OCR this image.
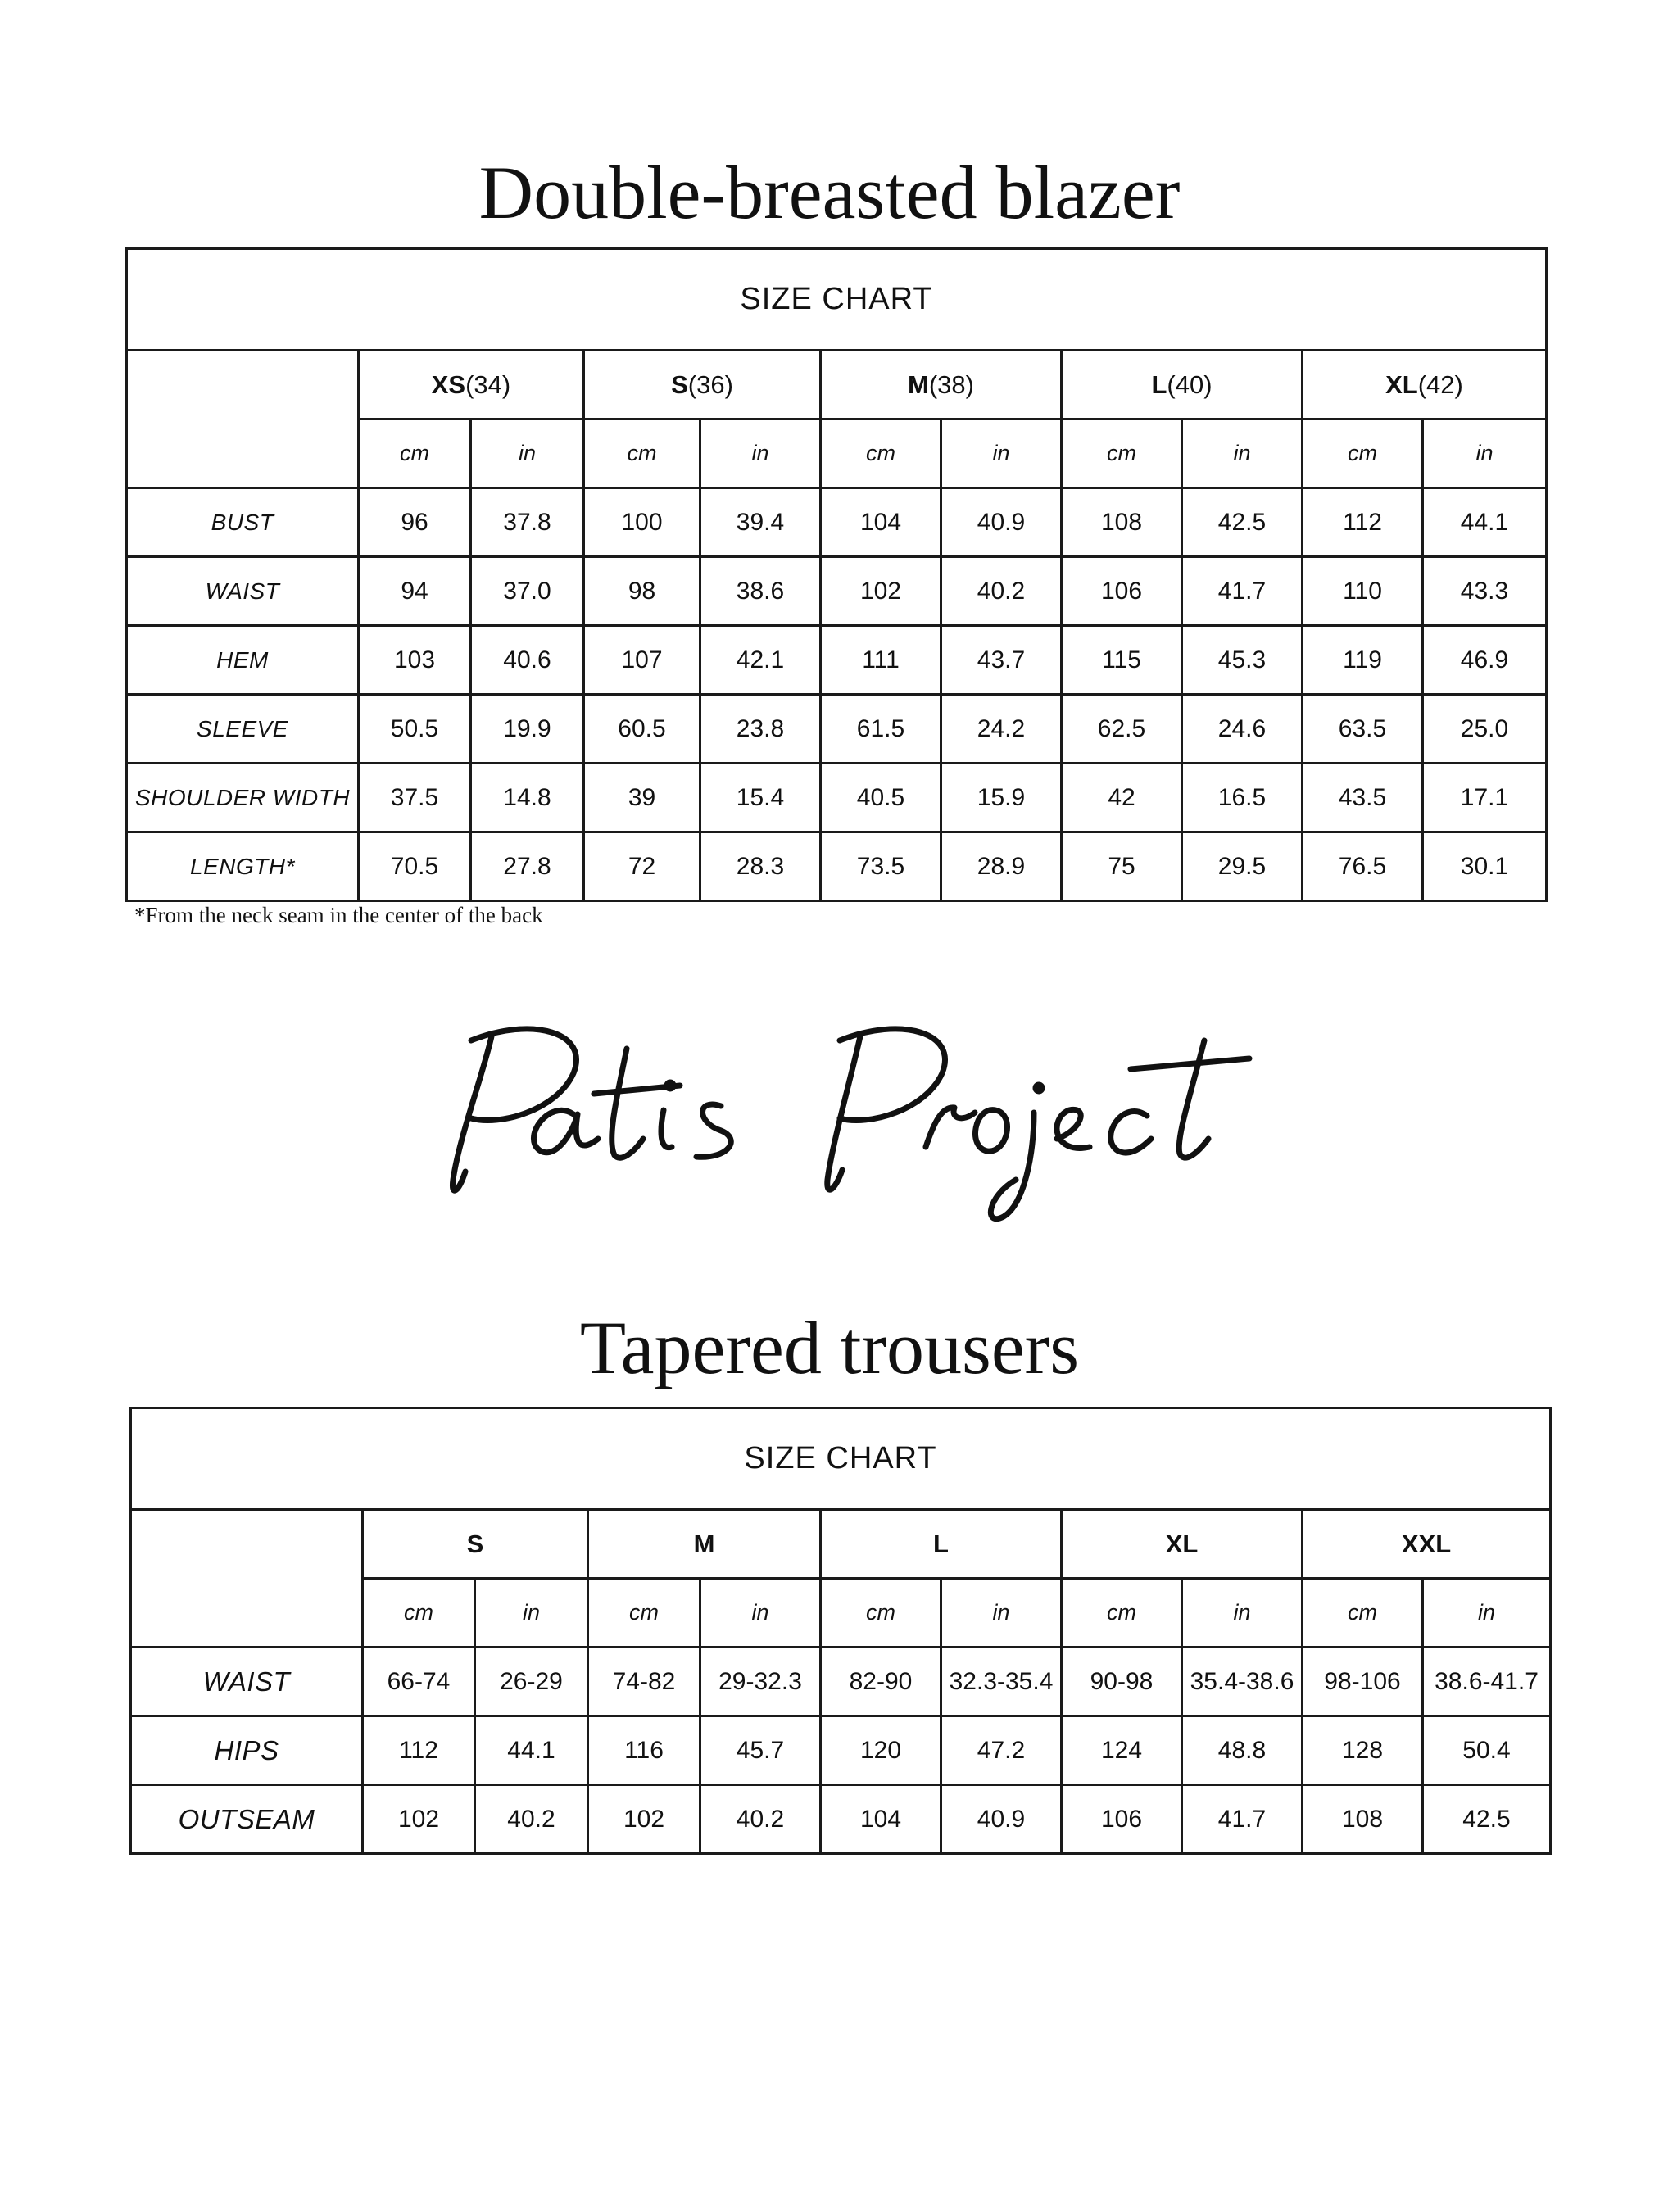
Double-breasted blazer
SIZE CHART										
	XS(34)		S(36)		M(38)		L(40)		XL(42)	
	cm	in	cm	in	cm	in	cm	in	cm	in
BUST	96	37.8	100	39.4	104	40.9	108	42.5	112	44.1
WAIST	94	37.0	98	38.6	102	40.2	106	41.7	110	43.3
HEM	103	40.6	107	42.1	111	43.7	115	45.3	119	46.9
SLEEVE	50.5	19.9	60.5	23.8	61.5	24.2	62.5	24.6	63.5	25.0
SHOULDER WIDTH	37.5	14.8	39	15.4	40.5	15.9	42	16.5	43.5	17.1
LENGTH*	70.5	27.8	72	28.3	73.5	28.9	75	29.5	76.5	30.1
*From the neck seam in the center of the back
Tapered trousers
SIZE CHART										
	S		M		L		XL		XXL	
	cm	in	cm	in	cm	in	cm	in	cm	in
WAIST	66-74	26-29	74-82	29-32.3	82-90	32.3-35.4	90-98	35.4-38.6	98-106	38.6-41.7
HIPS	112	44.1	116	45.7	120	47.2	124	48.8	128	50.4
OUTSEAM	102	40.2	102	40.2	104	40.9	106	41.7	108	42.5
